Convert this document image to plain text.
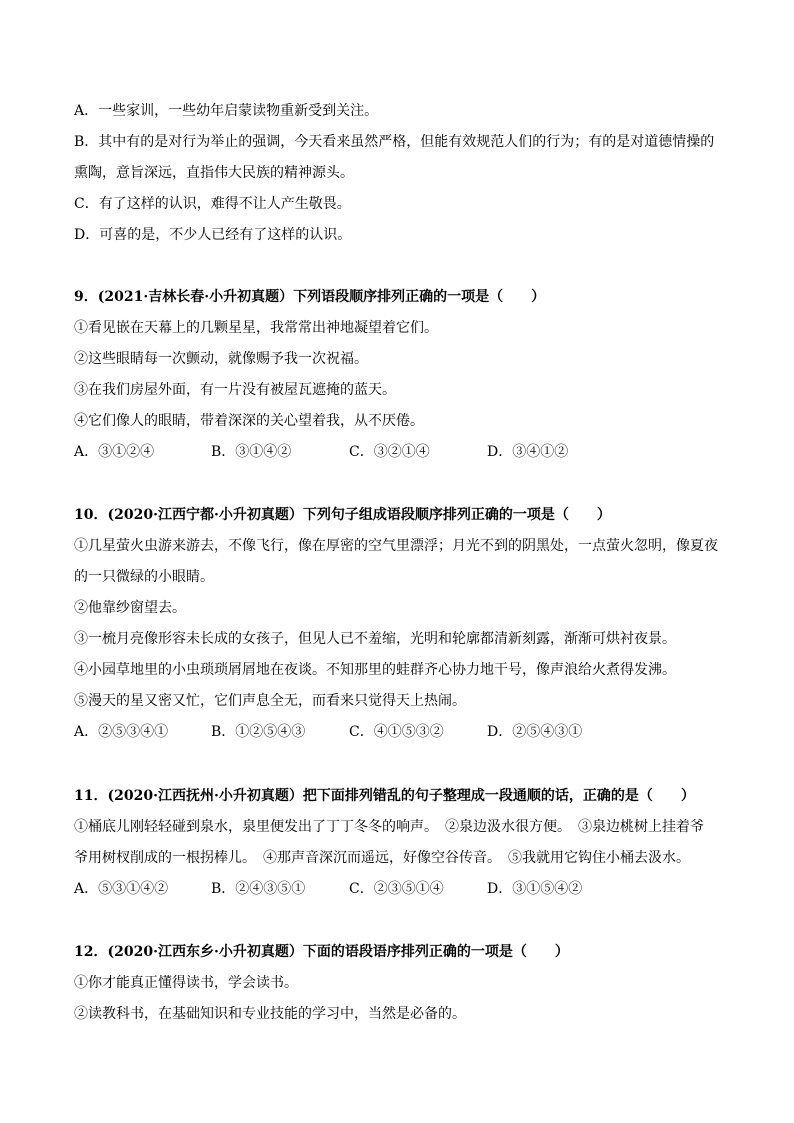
A．一些家训，一些幼年启蒙读物重新受到关注。
B．其中有的是对行为举止的强调，今天看来虽然严格，但能有效规范人们的行为；有的是对道德情操的
熏陶，意旨深远，直指伟大民族的精神源头。
C．有了这样的认识，难得不让人产生敬畏。
D．可喜的是，不少人已经有了这样的认识。
9．(2021·吉林长春·小升初真题）下列语段顺序排列正确的一项是（　　）
①看见嵌在天幕上的几颗星星，我常常出神地凝望着它们。
②这些眼睛每一次颤动，就像赐予我一次祝福。
③在我们房屋外面，有一片没有被屋瓦遮掩的蓝天。
④它们像人的眼睛，带着深深的关心望着我，从不厌倦。
A．③①②④	B．③①④②	C．③②①④	D．③④①②
10．(2020·江西宁都·小升初真题）下列句子组成语段顺序排列正确的一项是（　　）
①几星萤火虫游来游去，不像飞行，像在厚密的空气里漂浮；月光不到的阴黑处，一点萤火忽明，像夏夜
的一只微绿的小眼睛。
②他靠纱窗望去。
③一梳月亮像形容未长成的女孩子，但见人已不羞缩，光明和轮廓都清新刻露，渐渐可烘衬夜景。
④小园草地里的小虫琐琐屑屑地在夜谈。不知那里的蛙群齐心协力地干号，像声浪给火煮得发沸。
⑤漫天的星又密又忙，它们声息全无，而看来只觉得天上热闹。
A．②⑤③④①	B．①②⑤④③	C．④①⑤③②	D．②⑤④③①
11．(2020·江西抚州·小升初真题）把下面排列错乱的句子整理成一段通顺的话，正确的是（　　）
①桶底儿刚轻轻碰到泉水，泉里便发出了丁丁冬冬的响声。　②泉边汲水很方便。　③泉边桃树上挂着爷
爷用树杈削成的一根拐棒儿。　④那声音深沉而遥远，好像空谷传音。　⑤我就用它钩住小桶去汲水。
A．⑤③①④②	B．②④③⑤①	C．②③⑤①④	D．③①⑤④②
12．(2020·江西东乡·小升初真题）下面的语段语序排列正确的一项是（　　）
①你才能真正懂得读书，学会读书。
②读教科书，在基础知识和专业技能的学习中，当然是必备的。
